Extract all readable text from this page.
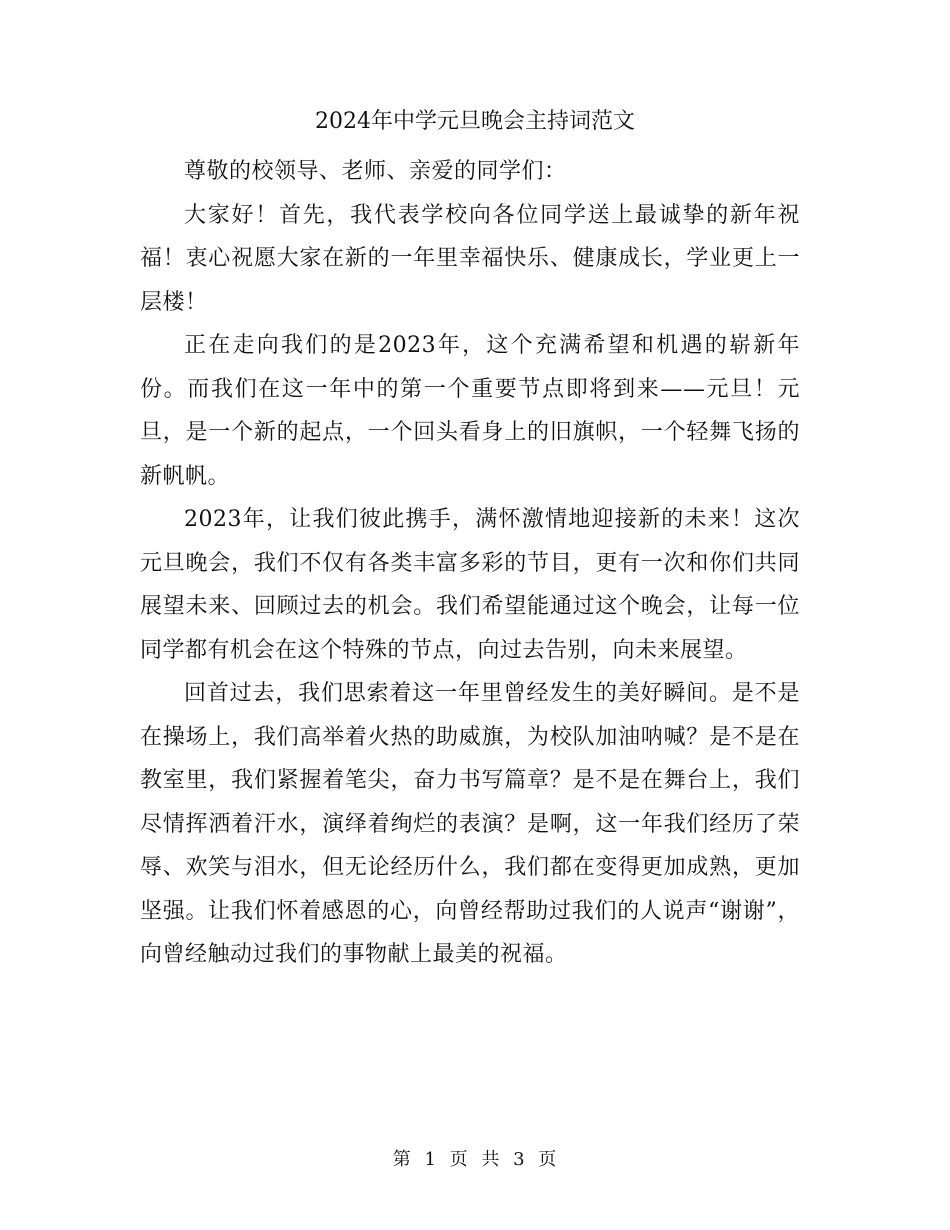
2024年中学元旦晚会主持词范文

尊敬的校领导、老师、亲爱的同学们：

大家好！首先，我代表学校向各位同学送上最诚挚的新年祝福！衷心祝愿大家在新的一年里幸福快乐、健康成长，学业更上一层楼！

正在走向我们的是2023年，这个充满希望和机遇的崭新年份。而我们在这一年中的第一个重要节点即将到来——元旦！元旦，是一个新的起点，一个回头看身上的旧旗帜，一个轻舞飞扬的新帆帆。

2023年，让我们彼此携手，满怀激情地迎接新的未来！这次元旦晚会，我们不仅有各类丰富多彩的节目，更有一次和你们共同展望未来、回顾过去的机会。我们希望能通过这个晚会，让每一位同学都有机会在这个特殊的节点，向过去告别，向未来展望。

回首过去，我们思索着这一年里曾经发生的美好瞬间。是不是在操场上，我们高举着火热的助威旗，为校队加油呐喊？是不是在教室里，我们紧握着笔尖，奋力书写篇章？是不是在舞台上，我们尽情挥洒着汗水，演绎着绚烂的表演？是啊，这一年我们经历了荣辱、欢笑与泪水，但无论经历什么，我们都在变得更加成熟，更加坚强。让我们怀着感恩的心，向曾经帮助过我们的人说声“谢谢”，向曾经触动过我们的事物献上最美的祝福。

第 1 页 共 3 页
